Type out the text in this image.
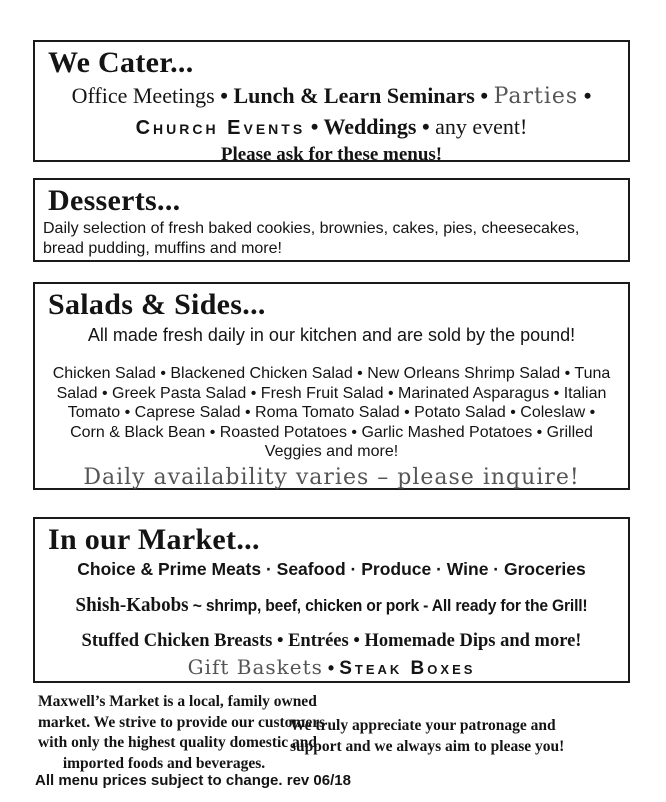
We Cater...
Office Meetings • Lunch & Learn Seminars • Parties •
Church Events • Weddings • any event!
Please ask for these menus!
Desserts...
Daily selection of fresh baked cookies, brownies, cakes, pies, cheesecakes,
bread pudding, muffins and more!
Salads & Sides...
All made fresh daily in our kitchen and are sold by the pound!
Chicken Salad • Blackened Chicken Salad • New Orleans Shrimp Salad • Tuna
Salad • Greek Pasta Salad • Fresh Fruit Salad • Marinated Asparagus • Italian
Tomato • Caprese Salad • Roma Tomato Salad • Potato Salad • Coleslaw •
Corn & Black Bean • Roasted Potatoes • Garlic Mashed Potatoes • Grilled
Veggies and more!
Daily availability varies – please inquire!
In our Market...
Choice & Prime Meats · Seafood · Produce · Wine · Groceries
Shish-Kabobs ~ shrimp, beef, chicken or pork - All ready for the Grill!
Stuffed Chicken Breasts • Entrées • Homemade Dips and more!
Gift Baskets • Steak Boxes
Maxwell’s Market is a local, family owned
market. We strive to provide our customers
with only the highest quality domestic and
imported foods and beverages.
We truly appreciate your patronage and
support and we always aim to please you!
All menu prices subject to change. rev 06/18
